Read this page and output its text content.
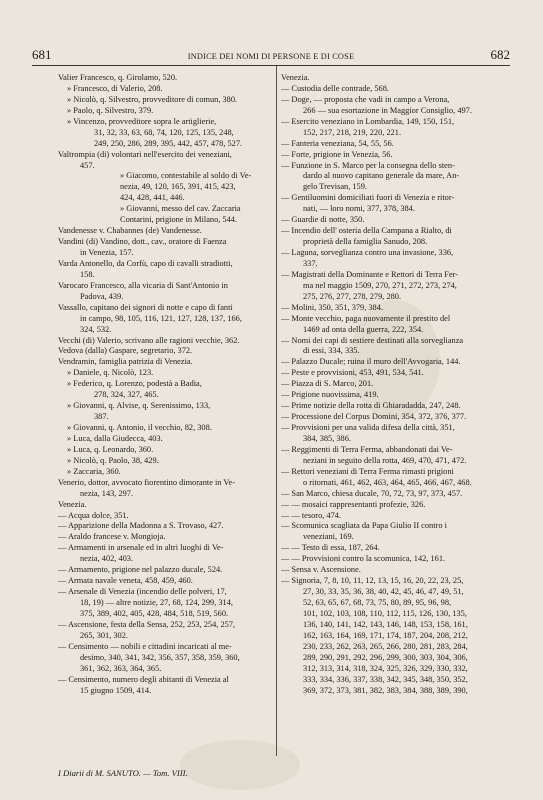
681	INDICE DEI NOMI DI PERSONE E DI COSE	682
Valier Francesco, q. Girolamo, 520.
» Francesco, di Valerio, 208.
» Nicolò, q. Silvestro, provveditore di comun, 380.
» Paolo, q. Silvestro, 379.
» Vincenzo, provveditore sopra le artiglierie,
31, 32, 33, 63, 68, 74, 120, 125, 135, 248,
249, 250, 286, 289, 395, 442, 457, 478, 527.
Valtrompia (di) volontari nell'esercito dei veneziani,
457.
» Giacomo, contestabile al soldo di Ve-
nezia, 49, 120, 165, 391, 415, 423,
424, 428, 441, 446.
» Giovanni, messo del cav. Zaccaria
Contarini, prigione in Milano, 544.
Vandenesse v. Chabannes (de) Vandenesse.
Vandini (di) Vandino, dott., cav., oratore di Faenza
in Venezia, 157.
Varda Antonello, da Corfù, capo di cavalli stradiotti,
158.
Varocaro Francesco, alla vicaria di Sant'Antonio in
Padova, 439.
Vassallo, capitano dei signori di notte e capo di fanti
in campo, 98, 105, 116, 121, 127, 128, 137, 166,
324, 532.
Vecchi (di) Valerio, scrivano alle ragioni vecchie, 362.
Vedova (dalla) Gaspare, segretario, 372.
Vendramin, famiglia patrizia di Venezia.
» Daniele, q. Nicolò, 123.
» Federico, q. Lorenzo, podestà a Badia,
278, 324, 327, 465.
» Giovanni, q. Alvise, q. Serenissimo, 133,
387.
» Giovanni, q. Antonio, il vecchio, 82, 308.
» Luca, dalla Giudecca, 403.
» Luca, q. Leonardo, 360.
» Nicolò, q. Paolo, 38, 429.
» Zaccaria, 360.
Venerio, dottor, avvocato fiorentino dimorante in Ve-
nezia, 143, 297.
Venezia.
— Acqua dolce, 351.
— Apparizione della Madonna a S. Trovaso, 427.
— Araldo francese v. Mongioja.
— Armamenti in arsenale ed in altri luoghi di Ve-
nezia, 402, 403.
— Armamento, prigione nel palazzo ducale, 524.
— Armata navale veneta, 458, 459, 460.
— Arsenale di Venezia (incendio delle polveri, 17,
18, 19) — altre notizie, 27, 68, 124, 299, 314,
375, 389, 402, 405, 428, 484, 518, 519, 560.
— Ascensione, festa della Sensa, 252, 253, 254, 257,
265, 301, 302.
— Censimento — nobili e cittadini incaricati al me-
desimo, 340, 341, 342, 356, 357, 358, 359, 360,
361, 362, 363, 364, 365.
— Censimento, numero degli abitanti di Venezia al
15 giugno 1509, 414.
Venezia.
— Custodia delle contrade, 568.
— Doge, — proposta che vadi in campo a Verona,
266 — sua esortazione in Maggior Consiglio, 497.
— Esercito veneziano in Lombardia, 149, 150, 151,
152, 217, 218, 219, 220, 221.
— Fanteria veneziana, 54, 55, 56.
— Forte, prigione in Venezia, 56.
— Funzione in S. Marco per la consegna dello sten-
dardo al nuovo capitano generale da mare, An-
gelo Trevisan, 159.
— Gentiluomini domiciliati fuori di Venezia e ritor-
nati, — loro nomi, 377, 378, 384.
— Guardie di notte, 350.
— Incendio dell' osteria della Campana a Rialto, di
proprietà della famiglia Sanudo, 208.
— Laguna, sorveglianza contro una invasione, 336,
337.
— Magistrati della Dominante e Rettori di Terra Fer-
ma nel maggio 1509, 270, 271, 272, 273, 274,
275, 276, 277, 278, 279, 280.
— Molini, 350, 351, 379, 384.
— Monte vecchio, paga nuovamente il prestito del
1469 ad onta della guerra, 222, 354.
— Nomi dei capi di sestiere destinati alla sorveglianza
di essi, 334, 335.
— Palazzo Ducale; ruina il muro dell'Avvogaria, 144.
— Peste e provvisioni, 453, 491, 534, 541.
— Piazza di S. Marco, 201.
— Prigione nuovissima, 419.
— Prime notizie della rotta di Ghiaradadda, 247, 248.
— Processione del Corpus Domini, 354, 372, 376, 377.
— Provvisioni per una valida difesa della città, 351,
384, 385, 386.
— Reggimenti di Terra Ferma, abbandonati dai Ve-
neziani in seguito della rotta, 469, 470, 471, 472.
— Rettori veneziani di Terra Ferma rimasti prigioni
o ritornati, 461, 462, 463, 464, 465, 466, 467, 468.
— San Marco, chiesa ducale, 70, 72, 73, 97, 373, 457.
— — mosaici rappresentanti profezie, 326.
— — tesoro, 474.
— Scomunica scagliata da Papa Giulio II contro i
veneziani, 169.
— — Testo di essa, 187, 264.
— — Provvisioni contro la scomunica, 142, 161.
— Sensa v. Ascensione.
— Signoria, 7, 8, 10, 11, 12, 13, 15, 16, 20, 22, 23, 25,
27, 30, 33, 35, 36, 38, 40, 42, 45, 46, 47, 49, 51,
52, 63, 65, 67, 68, 73, 75, 80, 89, 95, 96, 98,
101, 102, 103, 108, 110, 112, 115, 126, 130, 135,
136, 140, 141, 142, 143, 146, 148, 153, 158, 161,
162, 163, 164, 169, 171, 174, 187, 204, 208, 212,
230, 233, 262, 263, 265, 266, 280, 281, 283, 284,
289, 290, 291, 292, 296, 299, 300, 303, 304, 306,
312, 313, 314, 318, 324, 325, 326, 329, 330, 332,
333, 334, 336, 337, 338, 342, 345, 348, 350, 352,
369, 372, 373, 381, 382, 383, 384, 388, 389, 390,
I Diarii di M. SANUTO. — Tom. VIII.
